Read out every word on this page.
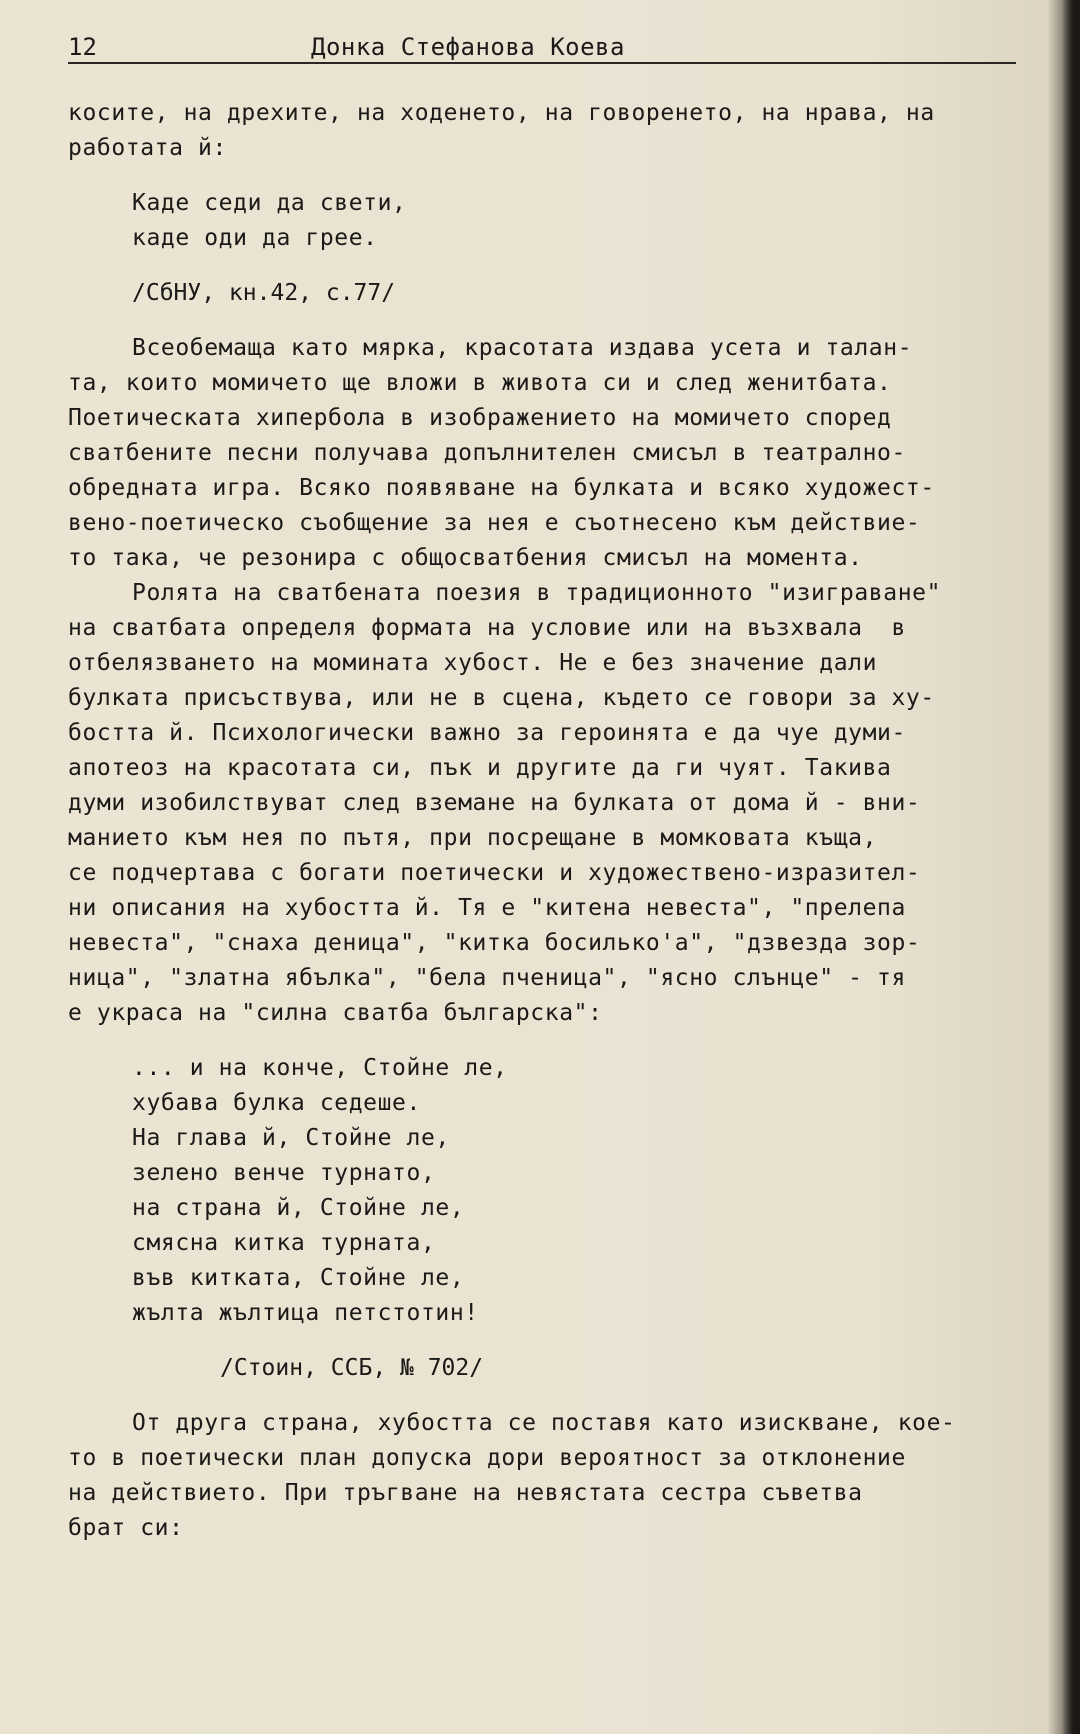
12	Донка Стефанова Коева
косите, на дрехите, на ходенето, на говоренето, на нрава, на
работата й:
Каде седи да свети,
каде оди да грее.
/СбНУ, кн.42, с.77/
Всеобемаща като мярка, красотата издава усета и талан-
та, които момичето ще вложи в живота си и след женитбата.
Поетическата хипербола в изображението на момичето според
сватбените песни получава допълнителен смисъл в театрално-
обредната игра. Всяко появяване на булката и всяко художест-
вено-поетическо съобщение за нея е съотнесено към действие-
то така, че резонира с общосватбения смисъл на момента.
Ролята на сватбената поезия в традиционното "изиграване"
на сватбата определя формата на условие или на възхвала  в
отбелязването на момината хубост. Не е без значение дали
булката присъствува, или не в сцена, където се говори за ху-
бостта й. Психологически важно за героинята е да чуе думи-
апотеоз на красотата си, пък и другите да ги чуят. Такива
думи изобилствуват след вземане на булката от дома й - вни-
манието към нея по пътя, при посрещане в момковата къща,
се подчертава с богати поетически и художествено-изразител-
ни описания на хубостта й. Тя е "китена невеста", "прелепа
невеста", "снаха деница", "китка босилько'а", "дзвезда зор-
ница", "златна ябълка", "бела пченица", "ясно слънце" - тя
е украса на "силна сватба българска":
... и на конче, Стойне ле,
хубава булка седеше.
На глава й, Стойне ле,
зелено венче турнато,
на страна й, Стойне ле,
смясна китка турната,
във китката, Стойне ле,
жълта жълтица петстотин!
/Стоин, ССБ, № 702/
От друга страна, хубостта се поставя като изискване, кое-
то в поетически план допуска дори вероятност за отклонение
на действието. При тръгване на невястата сестра съветва
брат си:
